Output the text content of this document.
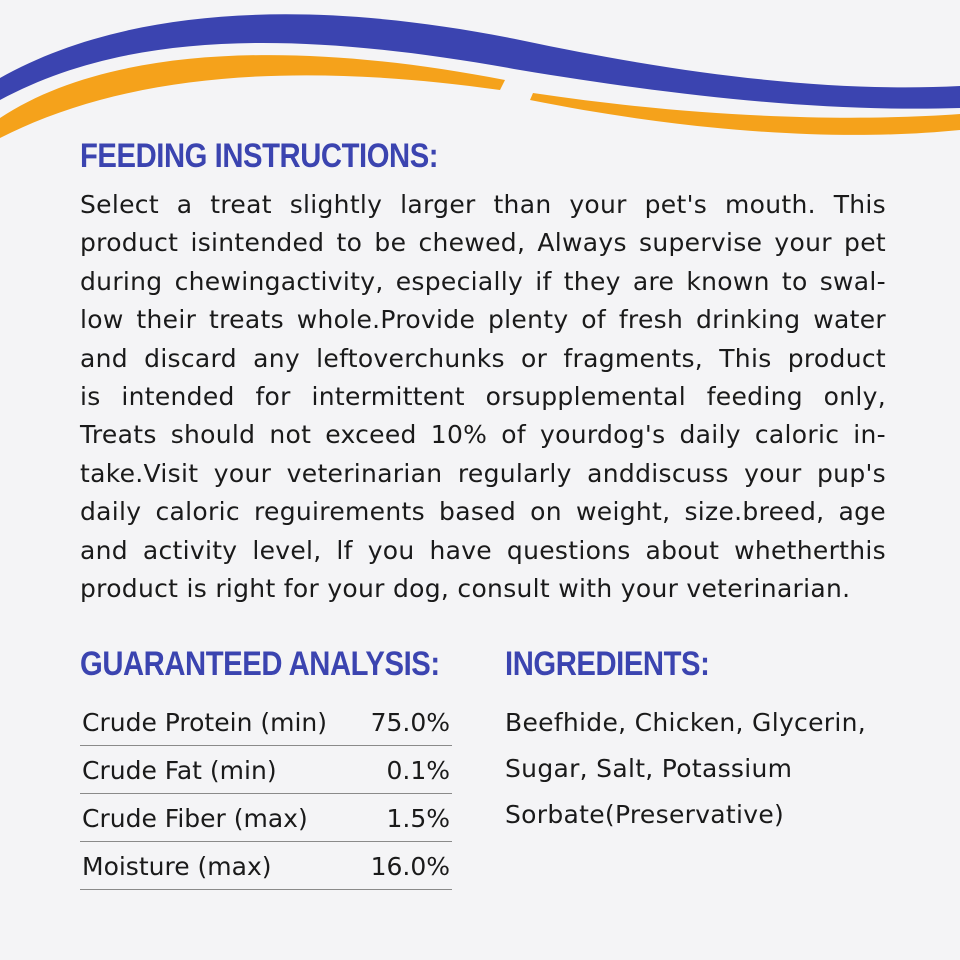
FEEDING INSTRUCTIONS:
Select a treat slightly larger than your pet's mouth. This
product isintended to be chewed, Always supervise your pet
during chewingactivity, especially if they are known to swal-
low their treats whole.Provide plenty of fresh drinking water
and discard any leftoverchunks or fragments, This product
is intended for intermittent orsupplemental feeding only,
Treats should not exceed 10% of yourdog's daily caloric in-
take.Visit your veterinarian regularly anddiscuss your pup's
daily caloric reguirements based on weight, size.breed, age
and activity level, lf you have questions about whetherthis
product is right for your dog, consult with your veterinarian.
GUARANTEED ANALYSIS:
Crude Protein (min)	75.0%
Crude Fat (min)	0.1%
Crude Fiber (max)	1.5%
Moisture (max)	16.0%
INGREDIENTS:
Beefhide, Chicken, Glycerin,
Sugar, Salt, Potassium
Sorbate(Preservative)
